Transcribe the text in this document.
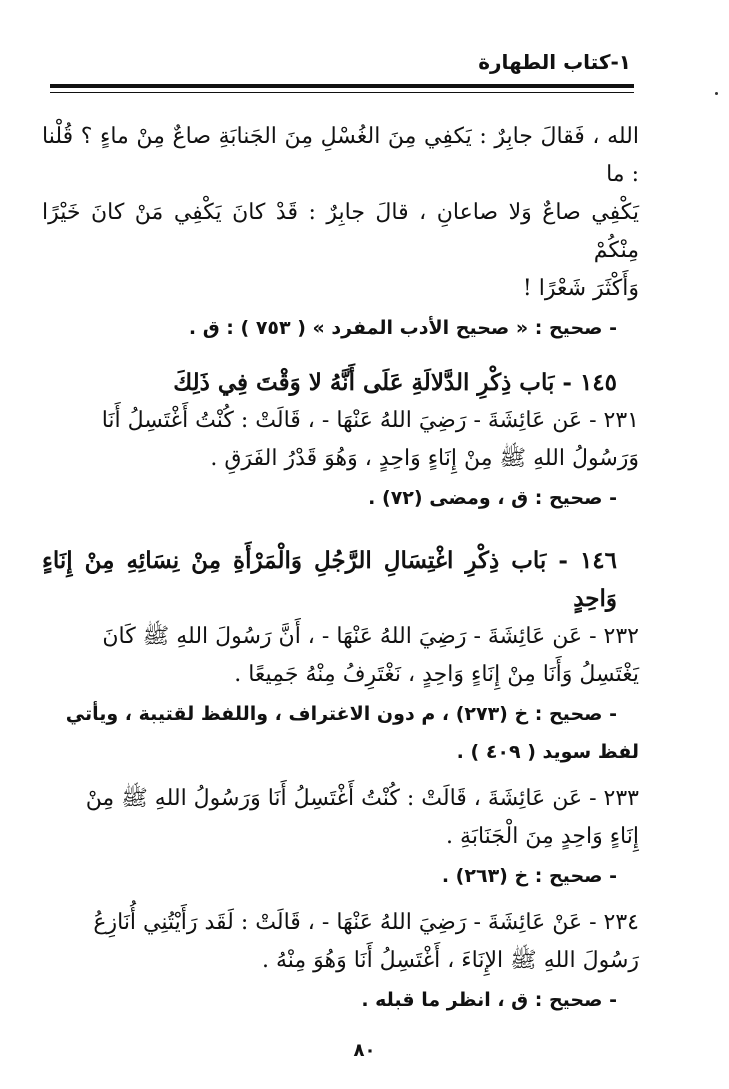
١-كتاب الطهارة

الله ، فَقالَ جابِرٌ : يَكفِي مِنَ الغُسْلِ مِنَ الجَنابَةِ صاعٌ مِنْ ماءٍ ؟ قُلْنا : ما

يَكْفِي صاعٌ وَلا صاعانِ ، قالَ جابِرٌ : قَدْ كانَ يَكْفِي مَنْ كانَ خَيْرًا مِنْكُمْ

وَأَكْثَرَ شَعْرًا !

- صحيح : « صحيح الأدب المفرد » ( ٧٥٣ ) : ق .

١٤٥ - بَاب ذِكْرِ الدَّلالَةِ عَلَى أَنَّهُ لا وَقْتَ فِي ذَلِكَ

٢٣١ - عَن عَائِشَةَ - رَضِيَ اللهُ عَنْهَا - ، قَالَتْ : كُنْتُ أَغْتَسِلُ أَنَا

وَرَسُولُ اللهِ ﷺ مِنْ إِنَاءٍ وَاحِدٍ ، وَهُوَ قَدْرُ الفَرَقِ .

- صحيح : ق ، ومضى (٧٢) .

١٤٦ - بَاب ذِكْرِ اغْتِسَالِ الرَّجُلِ وَالْمَرْأَةِ مِنْ نِسَائِهِ مِنْ إِنَاءٍ وَاحِدٍ

٢٣٢ - عَن عَائِشَةَ - رَضِيَ اللهُ عَنْهَا - ، أَنَّ رَسُولَ اللهِ ﷺ كَانَ

يَغْتَسِلُ وَأَنَا مِنْ إِنَاءٍ وَاحِدٍ ، نَغْتَرِفُ مِنْهُ جَمِيعًا .

- صحيح : خ (٢٧٣) ، م دون الاغتراف ، واللفظ لقتيبة ، ويأتي

لفظ سويد ( ٤٠٩ ) .

٢٣٣ - عَن عَائِشَةَ ، قَالَتْ : كُنْتُ أَغْتَسِلُ أَنَا وَرَسُولُ اللهِ ﷺ مِنْ

إِنَاءٍ وَاحِدٍ مِنَ الْجَنَابَةِ .

- صحيح : خ (٢٦٣) .

٢٣٤ - عَنْ عَائِشَةَ - رَضِيَ اللهُ عَنْهَا - ، قَالَتْ : لَقَد رَأَيْتُنِي أُنَازِعُ

رَسُولَ اللهِ ﷺ الإِنَاءَ ، أَغْتَسِلُ أَنَا وَهُوَ مِنْهُ .

- صحيح : ق ، انظر ما قبله .

٨٠
